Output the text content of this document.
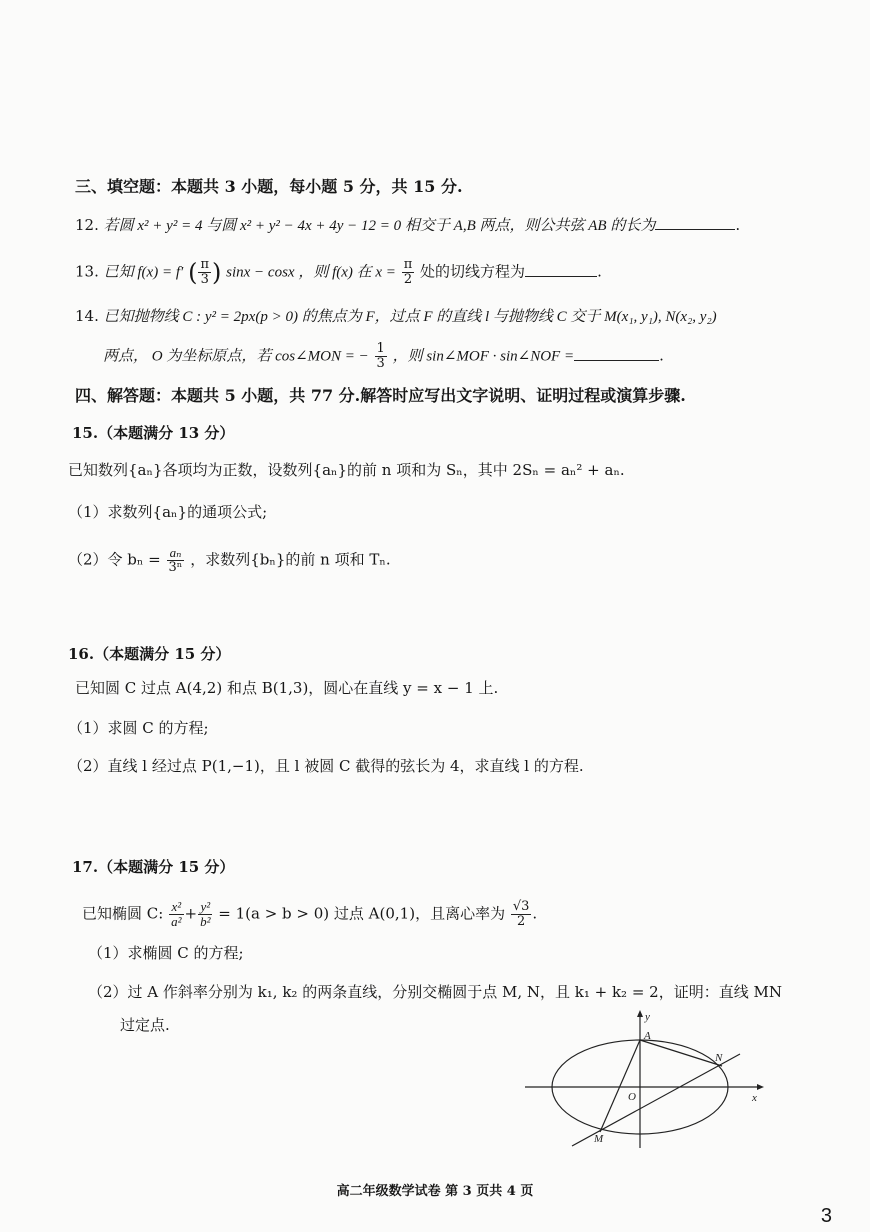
三、填空题：本题共 3 小题，每小题 5 分，共 15 分.
12. 若圆 x² + y² = 4 与圆 x² + y² − 4x + 4y − 12 = 0 相交于 A,B 两点，则公共弦 AB 的长为	.
13. 已知 f(x) = f′ ( $\frac{\pi}{3}$ ) sinx − cosx ，则 f(x) 在 $x = \frac{\pi}{2}$ 处的切线方程为	.
14. 已知抛物线 C : y² = 2px(p > 0) 的焦点为 F，过点 F 的直线 l 与抛物线 C 交于 M(x₁, y₁), N(x₂, y₂)
两点， O 为坐标原点，若 cos∠MON = − $\frac{1}{3}$ ，则 sin∠MOF · sin∠NOF =	.
四、解答题：本题共 5 小题，共 77 分.解答时应写出文字说明、证明过程或演算步骤.
15.（本题满分 13 分）
已知数列{aₙ}各项均为正数，设数列{aₙ}的前 n 项和为 Sₙ，其中 2Sₙ = aₙ² + aₙ.
（1）求数列{aₙ}的通项公式;
（2）令 $b_n = \frac{\text{aₙ}}{\text{3ⁿ}}$ ，求数列{bₙ}的前 n 项和 Tₙ.
16.（本题满分 15 分）
已知圆 C 过点 A(4,2) 和点 B(1,3)，圆心在直线 y = x − 1 上.
（1）求圆 C 的方程;
（2）直线 l 经过点 P(1,−1)，且 l 被圆 C 截得的弦长为 4，求直线 l 的方程.
17.（本题满分 15 分）
已知椭圆 C: $\frac{\text{x²}}{\text{a²}} + \frac{\text{y²}}{\text{b²}} = 1(a > b > 0)$ 过点 A(0,1)，且离心率为 $\frac{√3}{2}$ .
（1）求椭圆 C 的方程;
（2）过 A 作斜率分别为 k₁, k₂ 的两条直线，分别交椭圆于点 M, N，且 k₁ + k₂ = 2，证明：直线 MN
过定点.	y
x
A
N
O
M
高二年级数学试卷 第 3 页共 4 页
3
